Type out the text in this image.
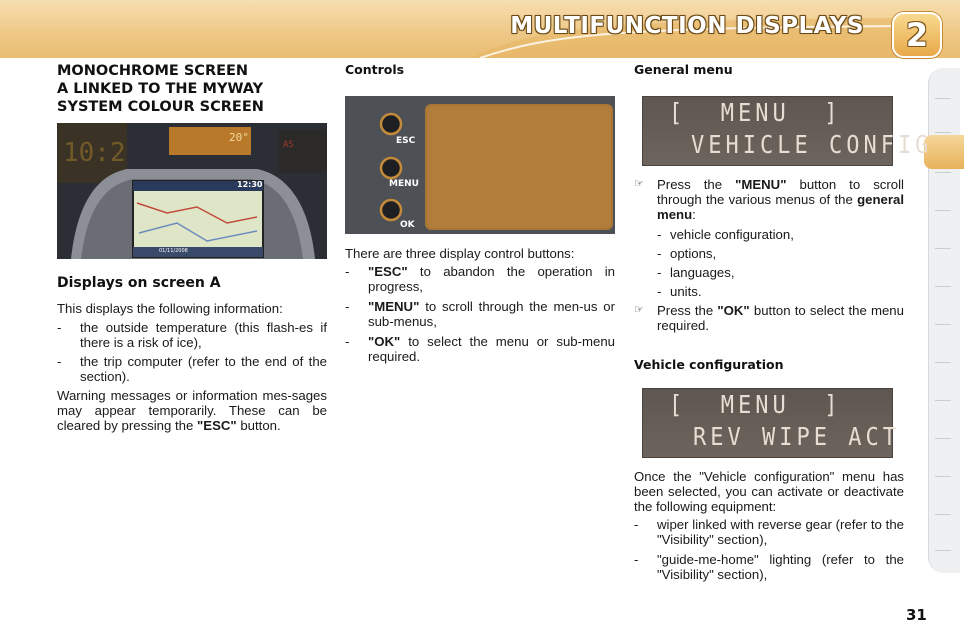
MULTIFUNCTION DISPLAYS	2
MONOCHROME SCREEN
A LINKED TO THE MYWAY
SYSTEM COLOUR SCREEN
10:2	AS
20°
12:30
01/11/2008
Displays on screen A

This displays the following information:

- the outside temperature (this flash-es if there is a risk of ice),
- the trip computer (refer to the end of the section).

Warning messages or information mes-sages may appear temporarily. These can be cleared by pressing the "ESC" button.

Controls
ESC
MENU
OK

There are three display control buttons:

- "ESC" to abandon the operation in progress,
- "MENU" to scroll through the men-us or sub-menus,
- "OK" to select the menu or sub-menu required.
General menu
[  MENU  ]
VEHICLE CONFIG
☞ Press the "MENU" button to scroll through the various menus of the general menu:
- vehicle configuration,
- options,
- languages,
- units.
☞ Press the "OK" button to select the menu required.
Vehicle configuration
[  MENU  ]
REV WIPE ACT

Once the "Vehicle configuration" menu has been selected, you can activate or deactivate the following equipment:

- wiper linked with reverse gear (refer to the "Visibility" section),
- "guide-me-home" lighting (refer to the "Visibility" section),
31
